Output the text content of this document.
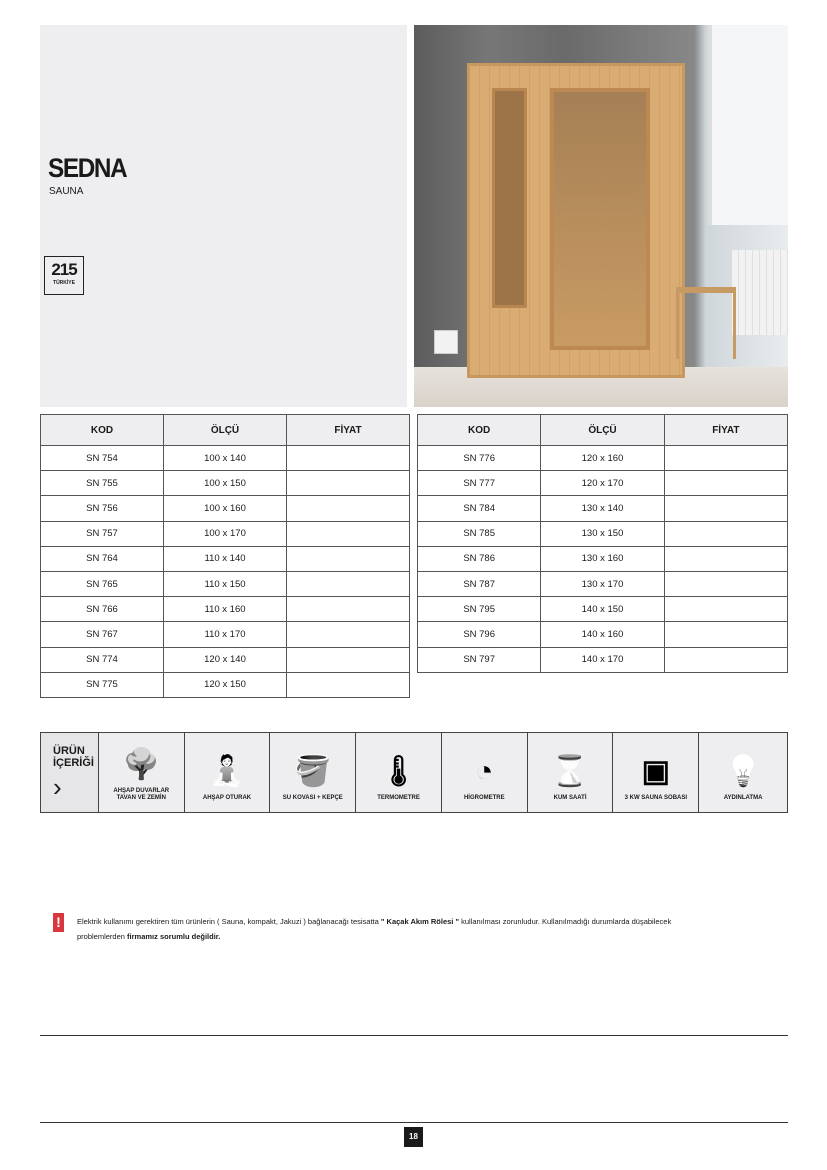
SEDNA
SAUNA
215
TÜRKİYE
KOD	ÖLÇÜ	FİYAT
SN 754	100 x 140	
SN 755	100 x 150	
SN 756	100 x 160	
SN 757	100 x 170	
SN 764	110 x 140	
SN 765	110 x 150	
SN 766	110 x 160	
SN 767	110 x 170	
SN 774	120 x 140	
SN 775	120 x 150	
KOD	ÖLÇÜ	FİYAT
SN 776	120 x 160	
SN 777	120 x 170	
SN 784	130 x 140	
SN 785	130 x 150	
SN 786	130 x 160	
SN 787	130 x 170	
SN 795	140 x 150	
SN 796	140 x 160	
SN 797	140 x 170	
ÜRÜN
İÇERİĞİ
›
🌳
AHŞAP DUVARLAR TAVAN VE ZEMİN
🧘
AHŞAP OTURAK
🪣
SU KOVASI + KEPÇE
🌡
TERMOMETRE
◔
HİGROMETRE
⌛
KUM SAATİ
▣
3 KW SAUNA SOBASI
💡
AYDINLATMA
!	Elektrik kullanımı gerektiren tüm ürünlerin ( Sauna, kompakt, Jakuzi ) bağlanacağı tesisatta " Kaçak Akım Rölesi " kullanılması zorunludur. Kullanılmadığı durumlarda düşabilecek problemlerden firmamız sorumlu değildir.
18
